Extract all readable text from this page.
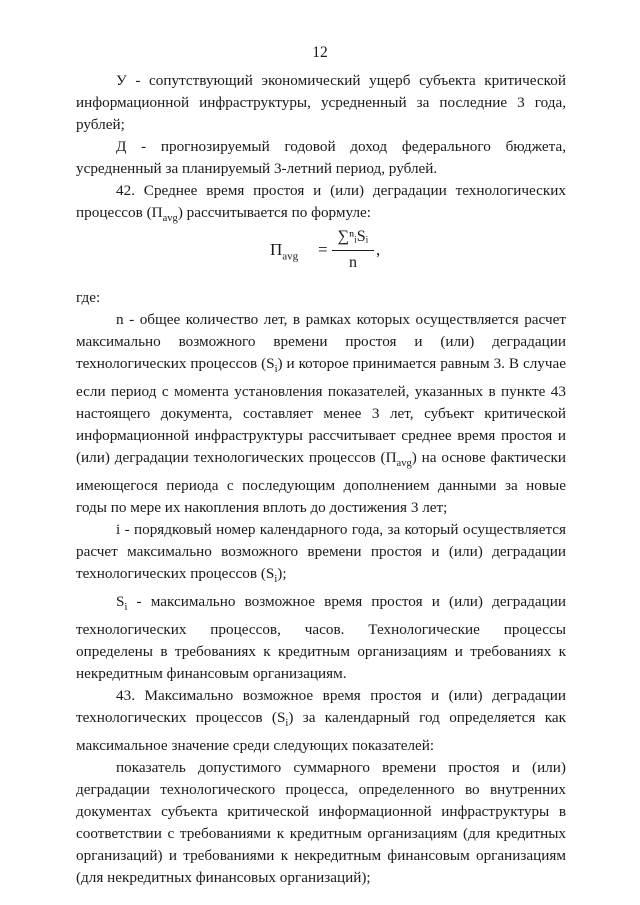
12

У - сопутствующий экономический ущерб субъекта критической информационной инфраструктуры, усредненный за последние 3 года, рублей;

Д - прогнозируемый годовой доход федерального бюджета, усредненный за планируемый 3-летний период, рублей.

42. Среднее время простоя и (или) деградации технологических процессов $(П_{avg})$ рассчитывается по формуле:

$П_{avg}$ =
∑ⁿᵢSᵢ
n
,

где:

n - общее количество лет, в рамках которых осуществляется расчет максимально возможного времени простоя и (или) деградации технологических процессов $(S_i)$ и которое принимается равным 3. В случае если период с момента установления показателей, указанных в пункте 43 настоящего документа, составляет менее 3 лет, субъект критической информационной инфраструктуры рассчитывает среднее время простоя и (или) деградации технологических процессов $(П_{avg})$ на основе фактически имеющегося периода с последующим дополнением данными за новые годы по мере их накопления вплоть до достижения 3 лет;

i - порядковый номер календарного года, за который осуществляется расчет максимально возможного времени простоя и (или) деградации технологических процессов $(S_i)$;

$S_i$ - максимально возможное время простоя и (или) деградации технологических процессов, часов. Технологические процессы определены в требованиях к кредитным организациям и требованиях к некредитным финансовым организациям.

43. Максимально возможное время простоя и (или) деградации технологических процессов $(S_i)$ за календарный год определяется как максимальное значение среди следующих показателей:

показатель допустимого суммарного времени простоя и (или) деградации технологического процесса, определенного во внутренних документах субъекта критической информационной инфраструктуры в соответствии с требованиями к кредитным организациям (для кредитных организаций) и требованиями к некредитным финансовым организациям (для некредитных финансовых организаций);
